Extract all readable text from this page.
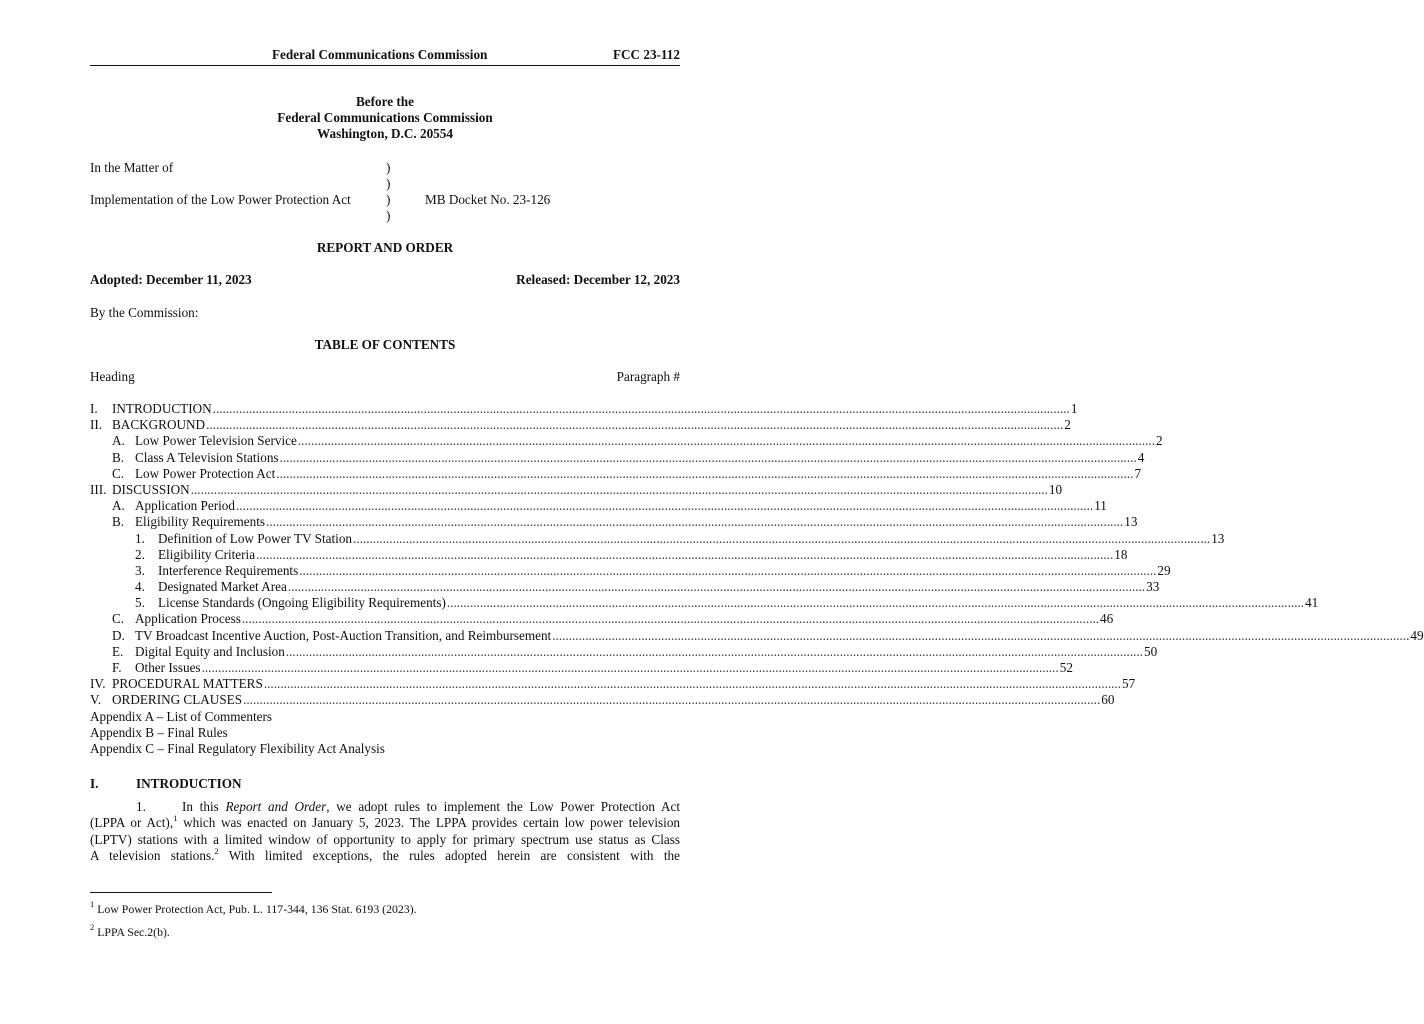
Federal Communications Commission	FCC 23-112
Before the
Federal Communications Commission
Washington, D.C. 20554
In the Matter of
Implementation of the Low Power Protection Act
)
)
)
)
MB Docket No. 23-126
REPORT AND ORDER
Adopted: December 11, 2023	Released: December 12, 2023
By the Commission:
TABLE OF CONTENTS
Heading	Paragraph #
I. INTRODUCTION .................................................................................................................................................................................................................................................................... 1
II. BACKGROUND .................................................................................................................................................................................................................................................................... 2
A. Low Power Television Service .................................................................................................................................................................................................................................................................... 2
B. Class A Television Stations .................................................................................................................................................................................................................................................................... 4
C. Low Power Protection Act .................................................................................................................................................................................................................................................................... 7
III. DISCUSSION .................................................................................................................................................................................................................................................................... 10
A. Application Period .................................................................................................................................................................................................................................................................... 11
B. Eligibility Requirements .................................................................................................................................................................................................................................................................... 13
1. Definition of Low Power TV Station .................................................................................................................................................................................................................................................................... 13
2. Eligibility Criteria .................................................................................................................................................................................................................................................................... 18
3. Interference Requirements .................................................................................................................................................................................................................................................................... 29
4. Designated Market Area .................................................................................................................................................................................................................................................................... 33
5. License Standards (Ongoing Eligibility Requirements) .................................................................................................................................................................................................................................................................... 41
C. Application Process .................................................................................................................................................................................................................................................................... 46
D. TV Broadcast Incentive Auction, Post-Auction Transition, and Reimbursement .................................................................................................................................................................................................................................................................... 49
E. Digital Equity and Inclusion .................................................................................................................................................................................................................................................................... 50
F. Other Issues .................................................................................................................................................................................................................................................................... 52
IV. PROCEDURAL MATTERS .................................................................................................................................................................................................................................................................... 57
V. ORDERING CLAUSES .................................................................................................................................................................................................................................................................... 60
Appendix A – List of Commenters
Appendix B – Final Rules
Appendix C – Final Regulatory Flexibility Act Analysis
I.	INTRODUCTION
1.	In this Report and Order, we adopt rules to implement the Low Power Protection Act
(LPPA or Act),$^1$ which was enacted on January 5, 2023. The LPPA provides certain low power television
(LPTV) stations with a limited window of opportunity to apply for primary spectrum use status as Class
A television stations.$^2$ With limited exceptions, the rules adopted herein are consistent with the
$^1$ Low Power Protection Act, Pub. L. 117-344, 136 Stat. 6193 (2023).
$^2$ LPPA Sec.2(b).
